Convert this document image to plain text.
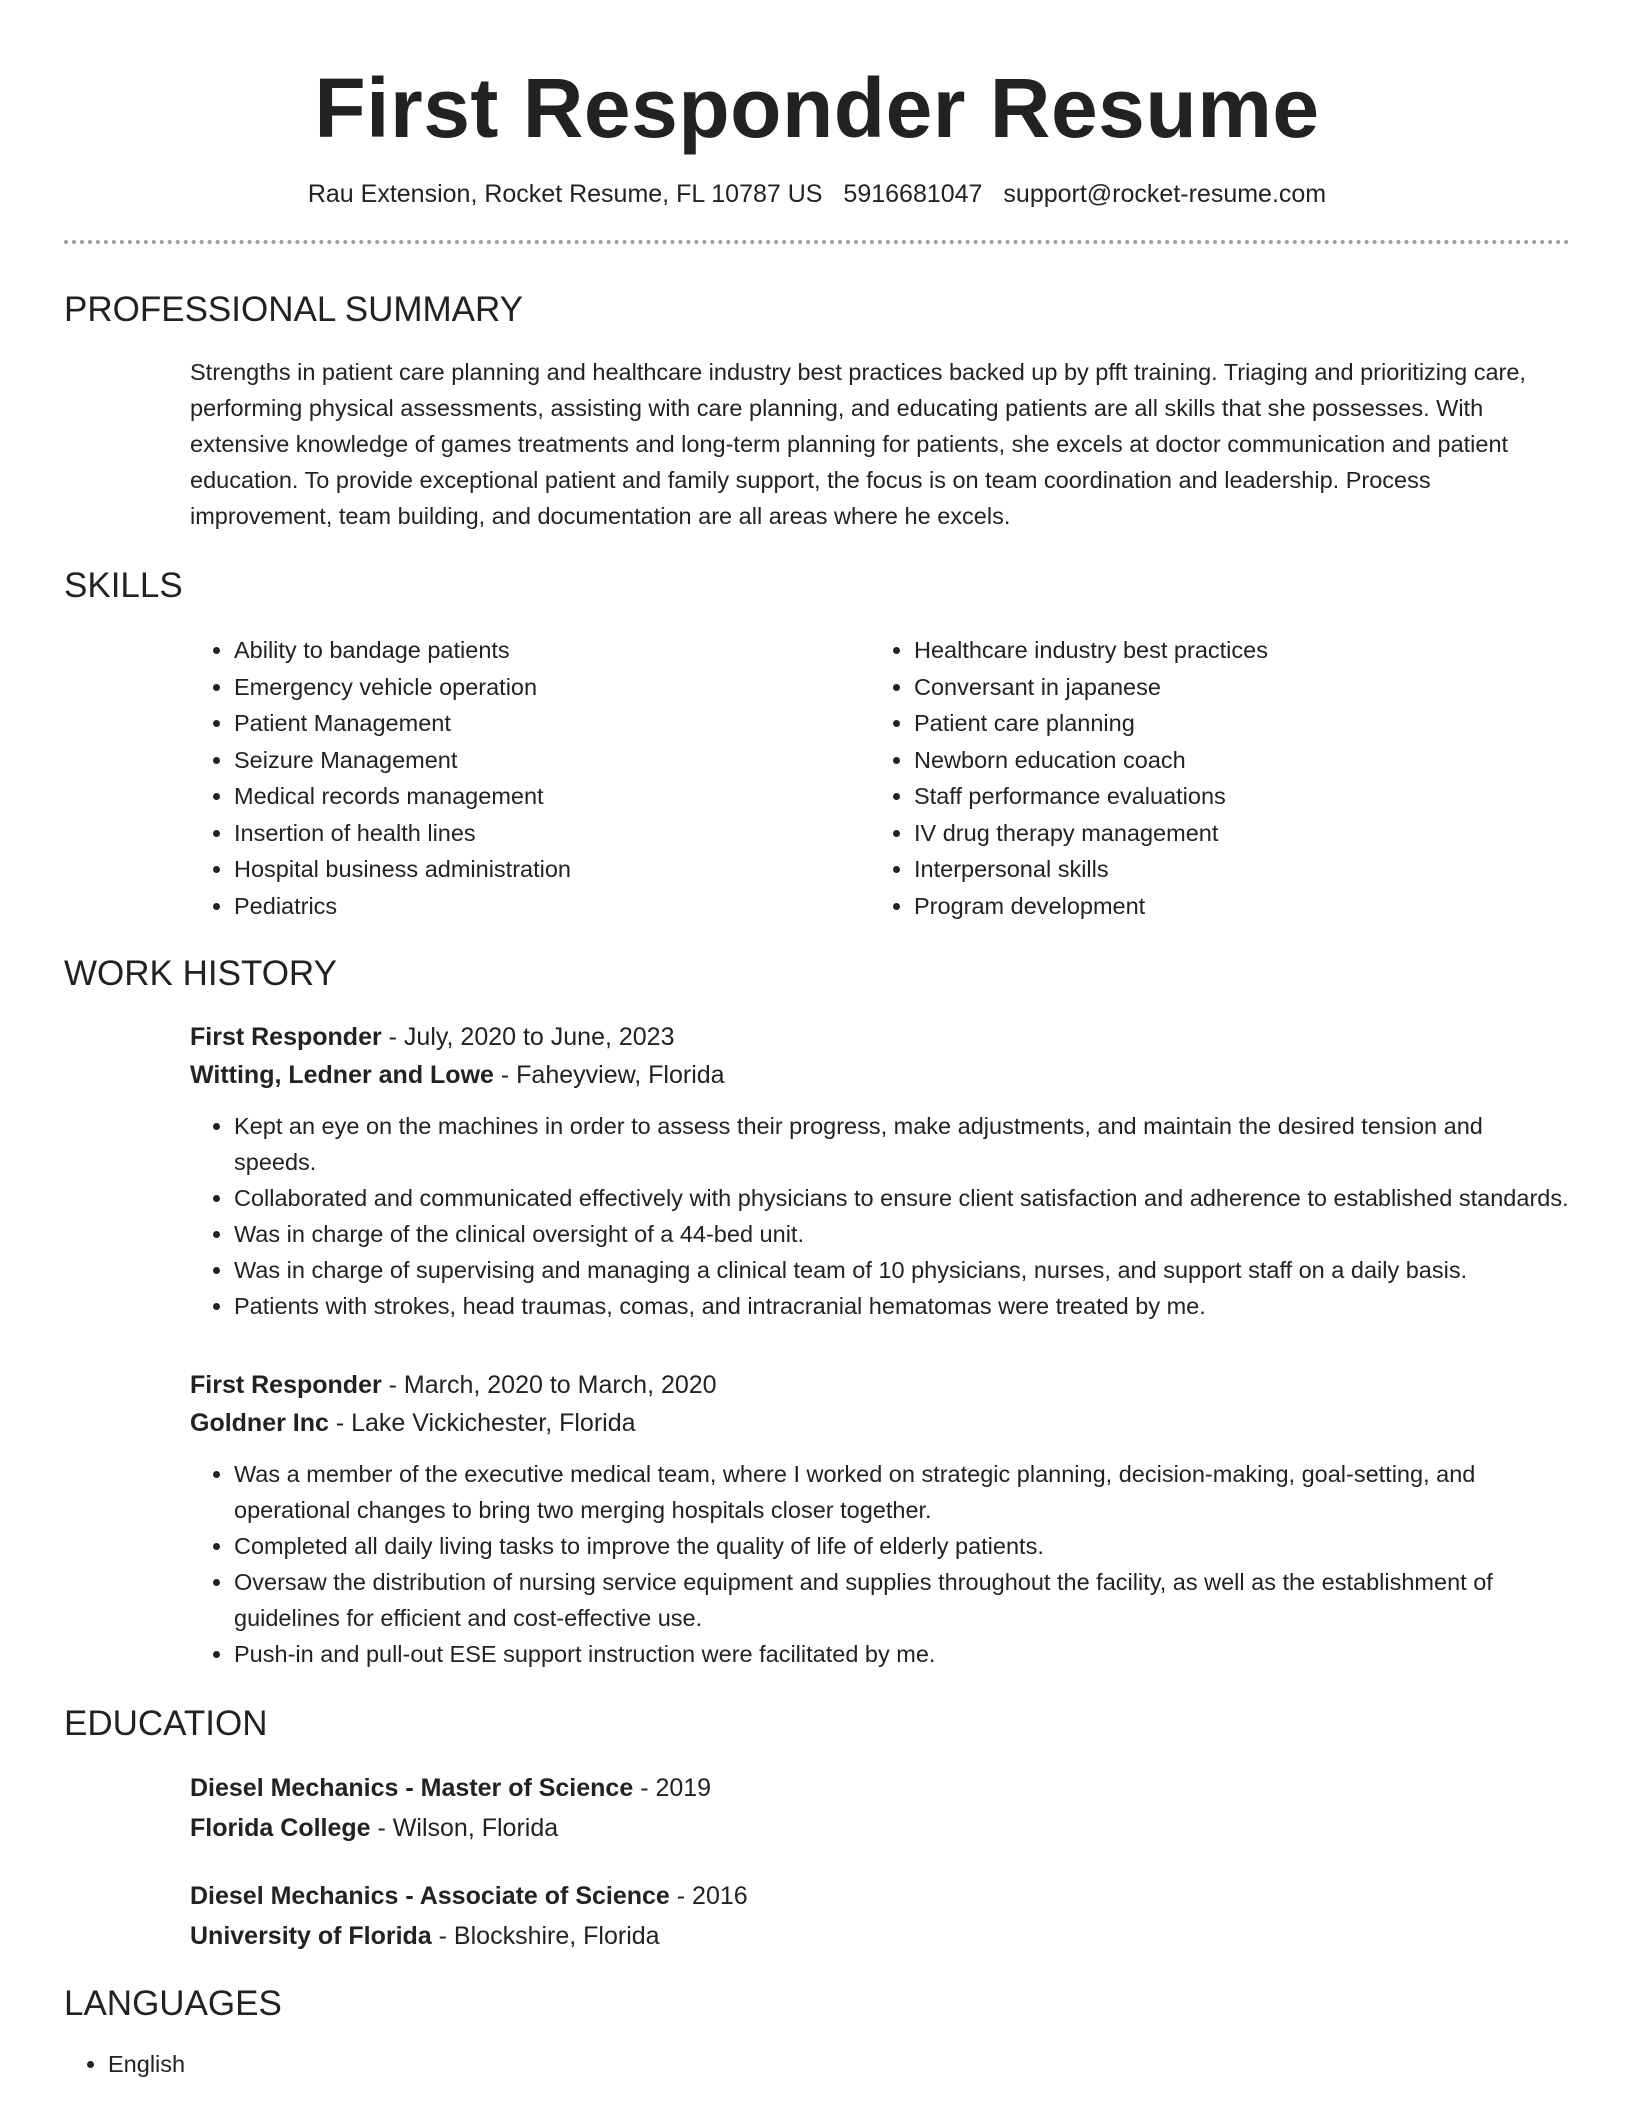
First Responder Resume
Rau Extension, Rocket Resume, FL 10787 US 5916681047 support@rocket-resume.com
PROFESSIONAL SUMMARY
Strengths in patient care planning and healthcare industry best practices backed up by pfft training. Triaging and prioritizing care, performing physical assessments, assisting with care planning, and educating patients are all skills that she possesses. With extensive knowledge of games treatments and long-term planning for patients, she excels at doctor communication and patient education. To provide exceptional patient and family support, the focus is on team coordination and leadership. Process improvement, team building, and documentation are all areas where he excels.
SKILLS
• Ability to bandage patients
• Emergency vehicle operation
• Patient Management
• Seizure Management
• Medical records management
• Insertion of health lines
• Hospital business administration
• Pediatrics
• Healthcare industry best practices
• Conversant in japanese
• Patient care planning
• Newborn education coach
• Staff performance evaluations
• IV drug therapy management
• Interpersonal skills
• Program development
WORK HISTORY
First Responder - July, 2020 to June, 2023
Witting, Ledner and Lowe - Faheyview, Florida
• Kept an eye on the machines in order to assess their progress, make adjustments, and maintain the desired tension and speeds.
• Collaborated and communicated effectively with physicians to ensure client satisfaction and adherence to established standards.
• Was in charge of the clinical oversight of a 44-bed unit.
• Was in charge of supervising and managing a clinical team of 10 physicians, nurses, and support staff on a daily basis.
• Patients with strokes, head traumas, comas, and intracranial hematomas were treated by me.
First Responder - March, 2020 to March, 2020
Goldner Inc - Lake Vickichester, Florida
• Was a member of the executive medical team, where I worked on strategic planning, decision-making, goal-setting, and operational changes to bring two merging hospitals closer together.
• Completed all daily living tasks to improve the quality of life of elderly patients.
• Oversaw the distribution of nursing service equipment and supplies throughout the facility, as well as the establishment of guidelines for efficient and cost-effective use.
• Push-in and pull-out ESE support instruction were facilitated by me.
EDUCATION
Diesel Mechanics - Master of Science - 2019
Florida College - Wilson, Florida
Diesel Mechanics - Associate of Science - 2016
University of Florida - Blockshire, Florida
LANGUAGES
• English
